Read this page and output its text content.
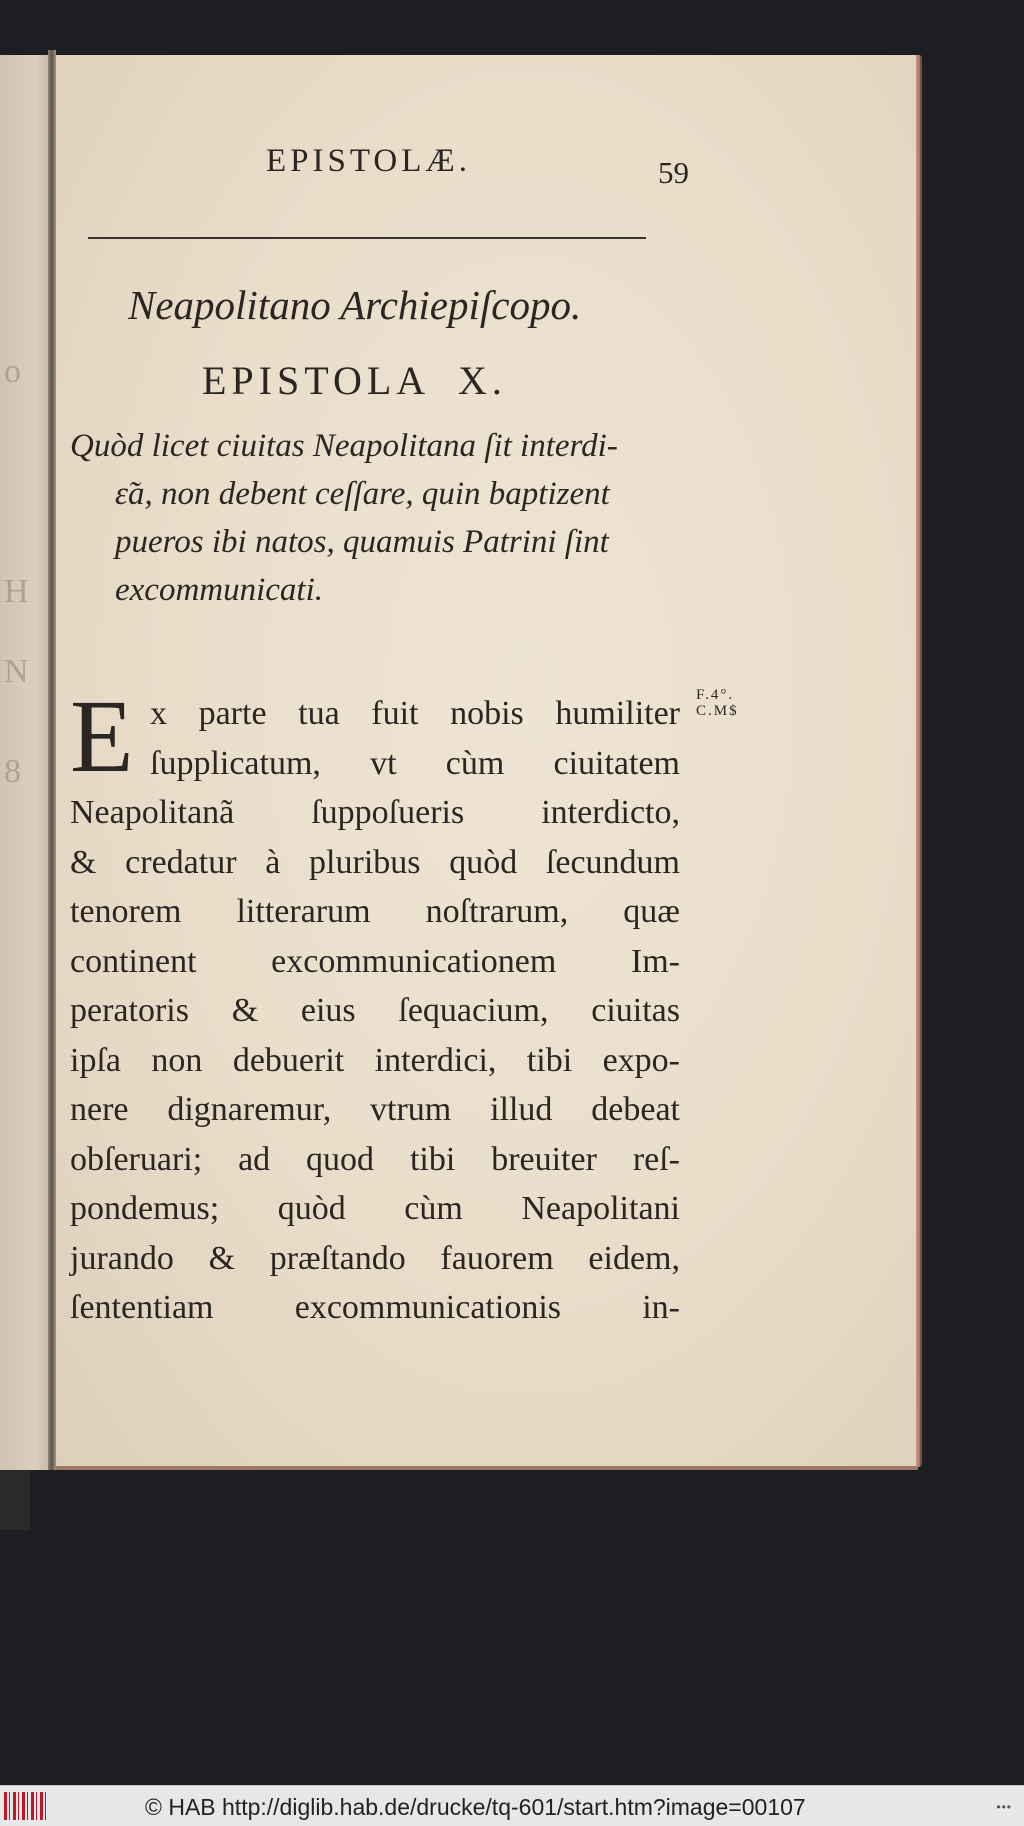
o
H
N
8
EPISTOLÆ.	59
Neapolitano Archiepiſcopo.
EPISTOLA  X.
Quòd licet ciuitas Neapolitana ſit interdi-
ɛ̃a, non debent ceſſare, quin baptizent
pueros ibi natos, quamuis Patrini ſint
excommunicati.
E x parte tua fuit nobis humiliter
ſupplicatum, vt cùm ciuitatem
Neapolitanã ſuppoſueris interdicto,
& credatur à pluribus quòd ſecundum
tenorem litterarum noſtrarum, quæ
continent excommunicationem Im-
peratoris & eius ſequacium, ciuitas
ipſa non debuerit interdici, tibi expo-
nere dignaremur, vtrum illud debeat
obſeruari; ad quod tibi breuiter reſ-
pondemus; quòd cùm Neapolitani
jurando & præſtando fauorem eidem,
ſententiam excommunicationis in-
F.4°.
C.M$
© HAB http://diglib.hab.de/drucke/tq-601/start.htm?image=00107	•••
